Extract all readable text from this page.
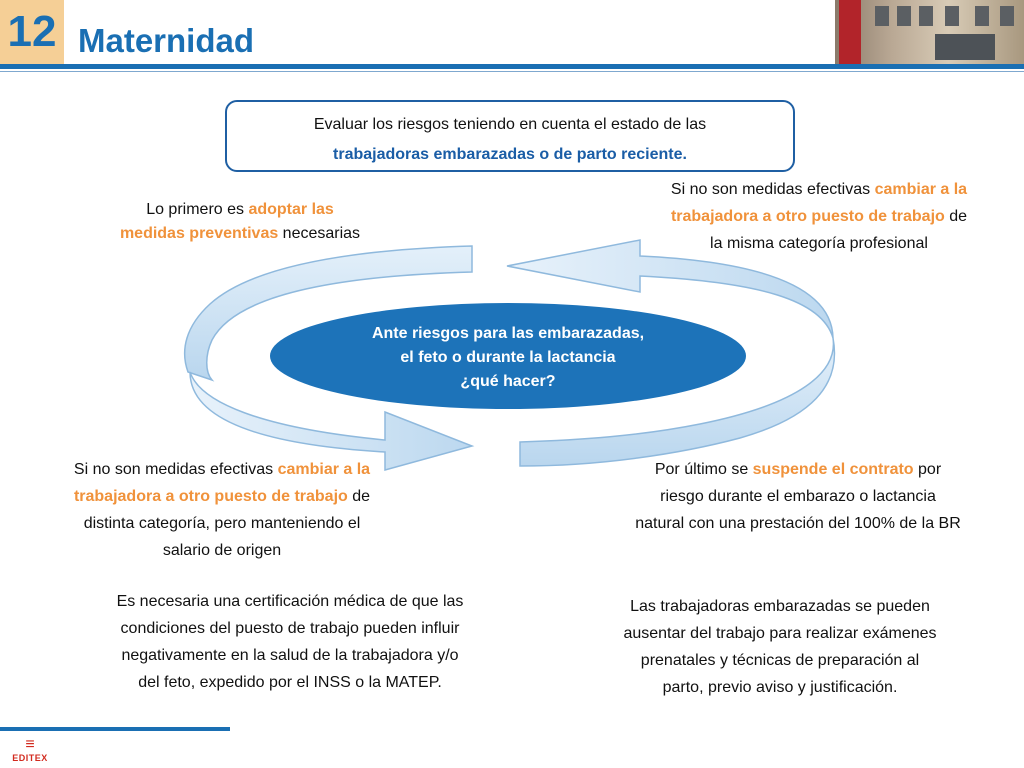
12 Maternidad
Evaluar los riesgos teniendo en cuenta el estado de las
trabajadoras embarazadas o de parto reciente.
Ante riesgos para las embarazadas,
el feto o durante la lactancia
¿qué hacer?
Lo primero es adoptar las
medidas preventivas necesarias
Si no son medidas efectivas cambiar a la
trabajadora a otro puesto de trabajo de
la misma categoría profesional
Si no son medidas efectivas cambiar a la
trabajadora a otro puesto de trabajo de
distinta categoría, pero manteniendo el
salario de origen
Por último se suspende el contrato por
riesgo durante el embarazo o lactancia
natural con una prestación del 100% de la BR
Es necesaria una certificación médica de que las
condiciones del puesto de trabajo pueden influir
negativamente en la salud de la trabajadora y/o
del feto, expedido por el INSS o la MATEP.
Las trabajadoras embarazadas se pueden
ausentar del trabajo para realizar exámenes
prenatales y técnicas de preparación al
parto, previo aviso y justificación.
≡
EDITEX
